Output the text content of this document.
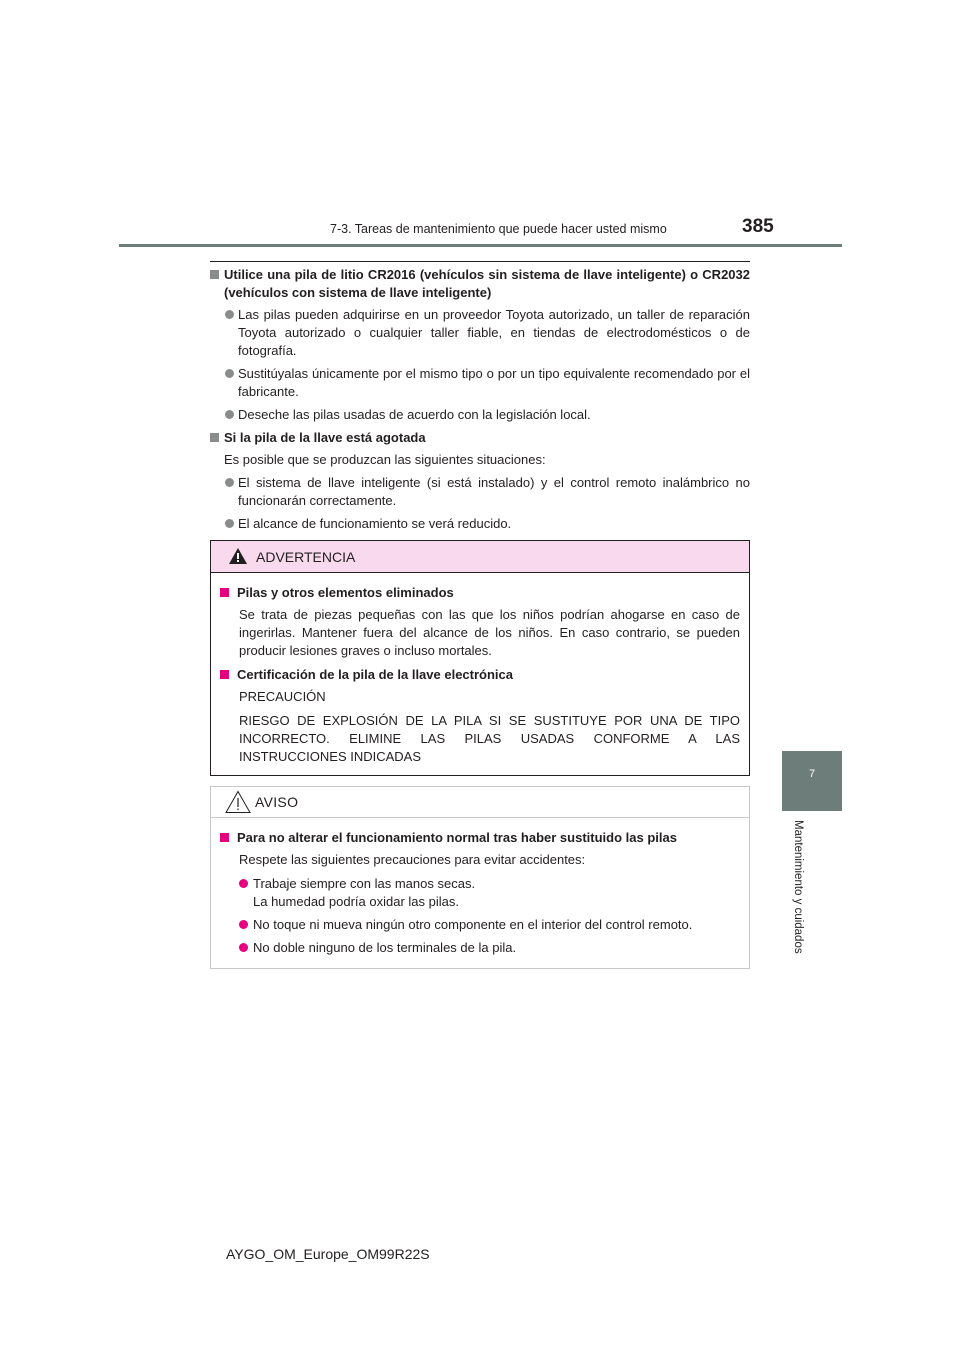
7-3. Tareas de mantenimiento que puede hacer usted mismo	385
7
Mantenimiento y cuidados
Utilice una pila de litio CR2016 (vehículos sin sistema de llave inteligente) o CR2032 (vehículos con sistema de llave inteligente)
Las pilas pueden adquirirse en un proveedor Toyota autorizado, un taller de reparación Toyota autorizado o cualquier taller fiable, en tiendas de electrodomésticos o de fotografía.
Sustitúyalas únicamente por el mismo tipo o por un tipo equivalente recomendado por el fabricante.
Deseche las pilas usadas de acuerdo con la legislación local.
Si la pila de la llave está agotada
Es posible que se produzcan las siguientes situaciones:
El sistema de llave inteligente (si está instalado) y el control remoto inalámbrico no funcionarán correctamente.
El alcance de funcionamiento se verá reducido.
ADVERTENCIA
Pilas y otros elementos eliminados
Se trata de piezas pequeñas con las que los niños podrían ahogarse en caso de ingerirlas. Mantener fuera del alcance de los niños. En caso contrario, se pueden producir lesiones graves o incluso mortales.
Certificación de la pila de la llave electrónica
PRECAUCIÓN
RIESGO DE EXPLOSIÓN DE LA PILA SI SE SUSTITUYE POR UNA DE TIPO INCORRECTO. ELIMINE LAS PILAS USADAS CONFORME A LAS INSTRUCCIONES INDICADAS
AVISO
Para no alterar el funcionamiento normal tras haber sustituido las pilas
Respete las siguientes precauciones para evitar accidentes:
Trabaje siempre con las manos secas.
La humedad podría oxidar las pilas.
No toque ni mueva ningún otro componente en el interior del control remoto.
No doble ninguno de los terminales de la pila.
AYGO_OM_Europe_OM99R22S
